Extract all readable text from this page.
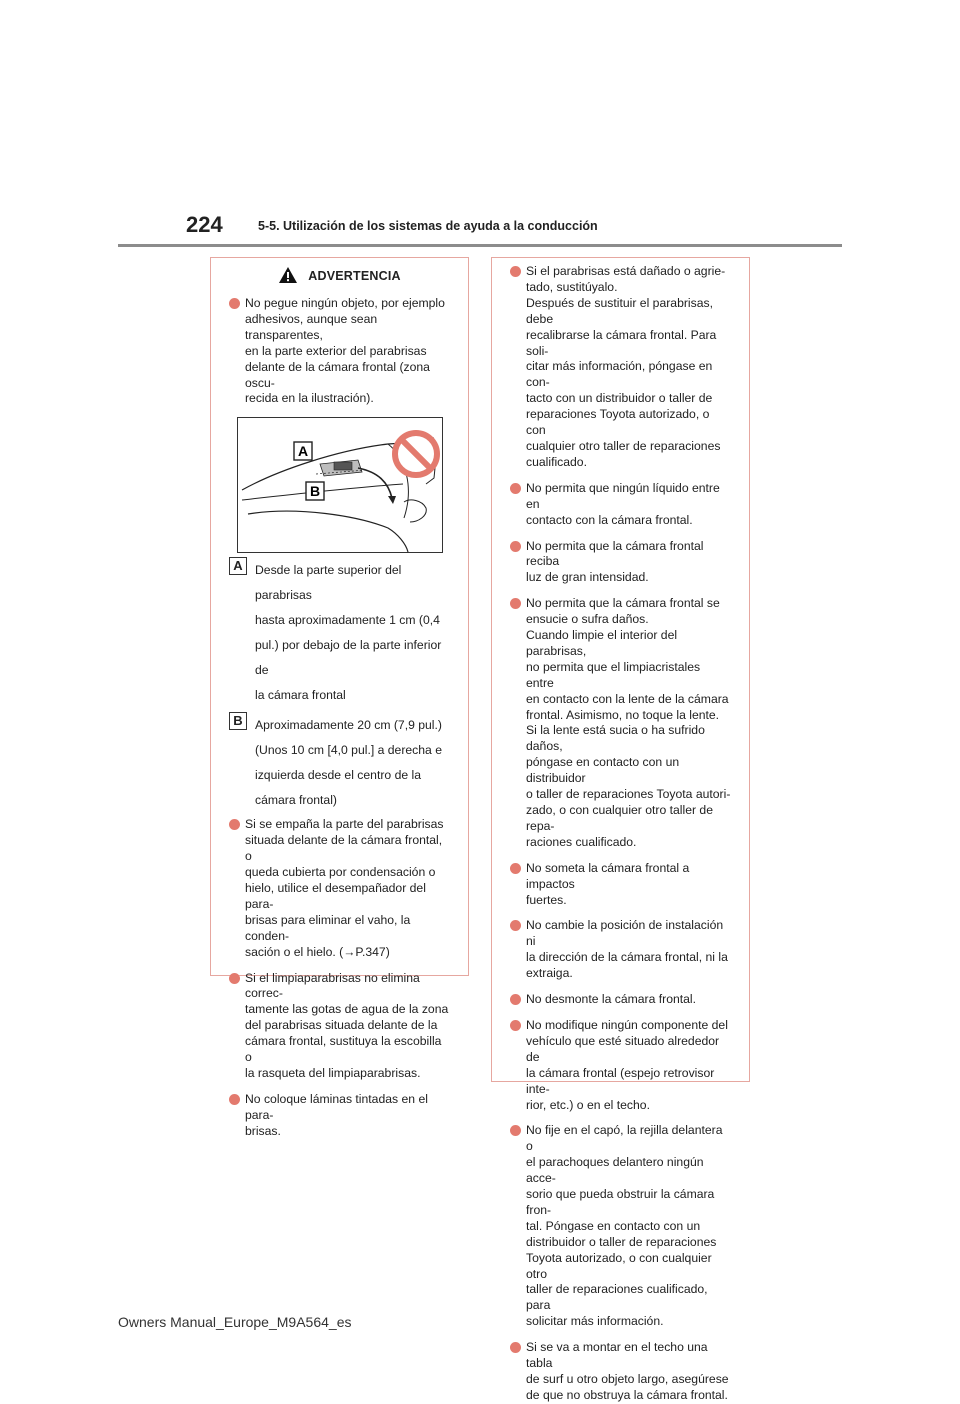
224	5-5. Utilización de los sistemas de ayuda a la conducción
ADVERTENCIA
No pegue ningún objeto, por ejemplo
adhesivos, aunque sean transparentes,
en la parte exterior del parabrisas
delante de la cámara frontal (zona oscu-
recida en la ilustración).
A
B
A	Desde la parte superior del parabrisas
hasta aproximadamente 1 cm (0,4
pul.) por debajo de la parte inferior de
la cámara frontal
B	Aproximadamente 20 cm (7,9 pul.)
(Unos 10 cm [4,0 pul.] a derecha e
izquierda desde el centro de la
cámara frontal)
Si se empaña la parte del parabrisas
situada delante de la cámara frontal, o
queda cubierta por condensación o
hielo, utilice el desempañador del para-
brisas para eliminar el vaho, la conden-
sación o el hielo. (→P.347)
Si el limpiaparabrisas no elimina correc-
tamente las gotas de agua de la zona
del parabrisas situada delante de la
cámara frontal, sustituya la escobilla o
la rasqueta del limpiaparabrisas.
No coloque láminas tintadas en el para-
brisas.
Si el parabrisas está dañado o agrie-
tado, sustitúyalo.
Después de sustituir el parabrisas, debe
recalibrarse la cámara frontal. Para soli-
citar más información, póngase en con-
tacto con un distribuidor o taller de
reparaciones Toyota autorizado, o con
cualquier otro taller de reparaciones
cualificado.
No permita que ningún líquido entre en
contacto con la cámara frontal.
No permita que la cámara frontal reciba
luz de gran intensidad.
No permita que la cámara frontal se
ensucie o sufra daños.
Cuando limpie el interior del parabrisas,
no permita que el limpiacristales entre
en contacto con la lente de la cámara
frontal. Asimismo, no toque la lente.
Si la lente está sucia o ha sufrido daños,
póngase en contacto con un distribuidor
o taller de reparaciones Toyota autori-
zado, o con cualquier otro taller de repa-
raciones cualificado.
No someta la cámara frontal a impactos
fuertes.
No cambie la posición de instalación ni
la dirección de la cámara frontal, ni la
extraiga.
No desmonte la cámara frontal.
No modifique ningún componente del
vehículo que esté situado alrededor de
la cámara frontal (espejo retrovisor inte-
rior, etc.) o en el techo.
No fije en el capó, la rejilla delantera o
el parachoques delantero ningún acce-
sorio que pueda obstruir la cámara fron-
tal. Póngase en contacto con un
distribuidor o taller de reparaciones
Toyota autorizado, o con cualquier otro
taller de reparaciones cualificado, para
solicitar más información.
Si se va a montar en el techo una tabla
de surf u otro objeto largo, asegúrese
de que no obstruya la cámara frontal.
Owners Manual_Europe_M9A564_es
